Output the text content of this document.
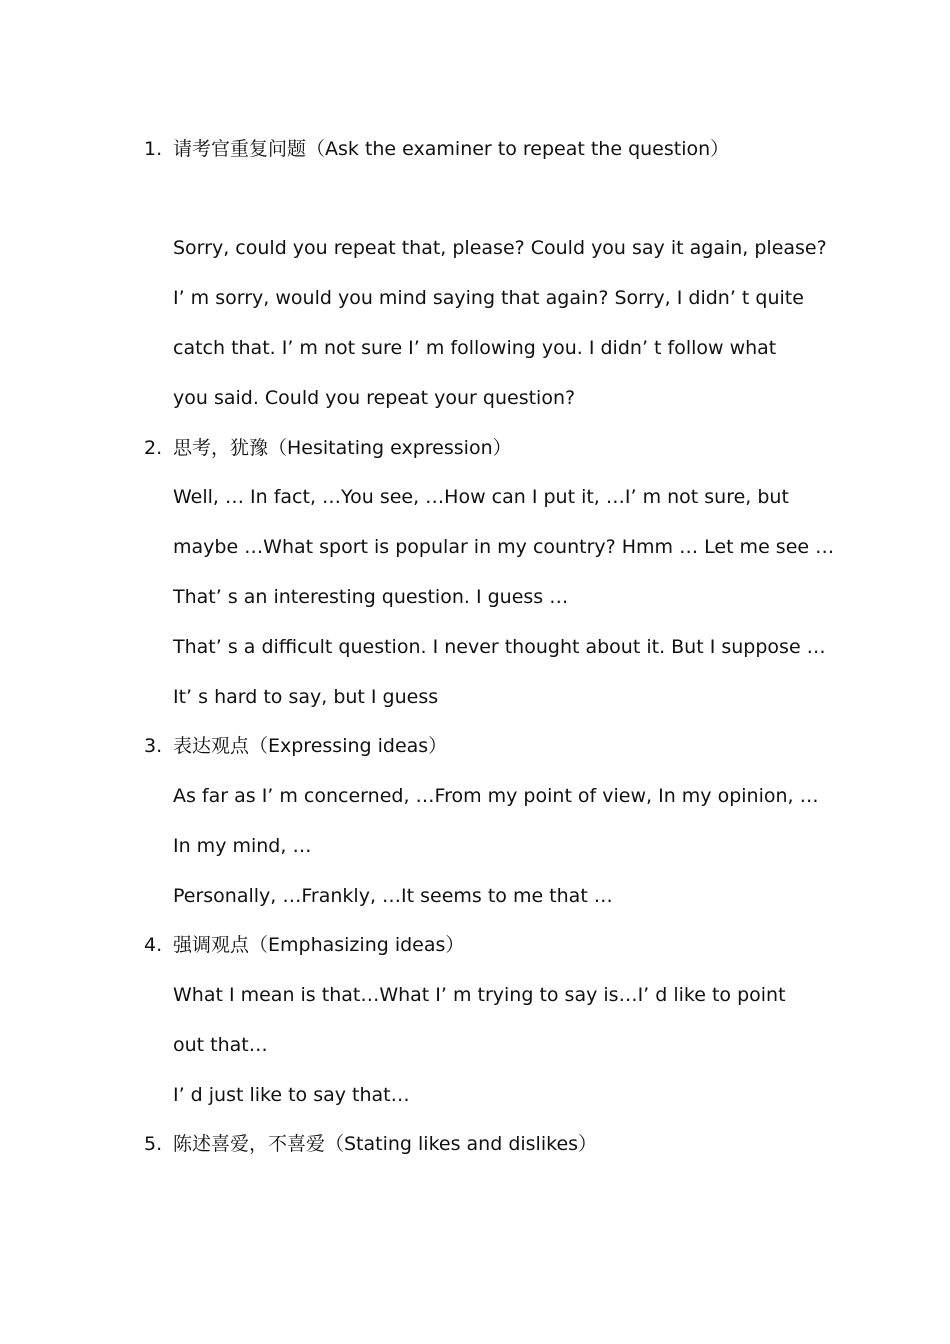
1. 请考官重复问题（Ask the examiner to repeat the question）
Sorry, could you repeat that, please? Could you say it again, please?
I’ m sorry, would you mind saying that again? Sorry, I didn’ t quite
catch that. I’ m not sure I’ m following you. I didn’ t follow what
you said. Could you repeat your question?
2. 思考，犹豫（Hesitating expression）
Well, … In fact, …You see, …How can I put it, …I’ m not sure, but
maybe …What sport is popular in my country? Hmm … Let me see …
That’ s an interesting question. I guess …
That’ s a difficult question. I never thought about it. But I suppose …
It’ s hard to say, but I guess
3. 表达观点（Expressing ideas）
As far as I’ m concerned, …From my point of view, In my opinion, …
In my mind, …
Personally, …Frankly, …It seems to me that …
4. 强调观点（Emphasizing ideas）
What I mean is that…What I’ m trying to say is…I’ d like to point
out that…
I’ d just like to say that…
5. 陈述喜爱，不喜爱（Stating likes and dislikes）
